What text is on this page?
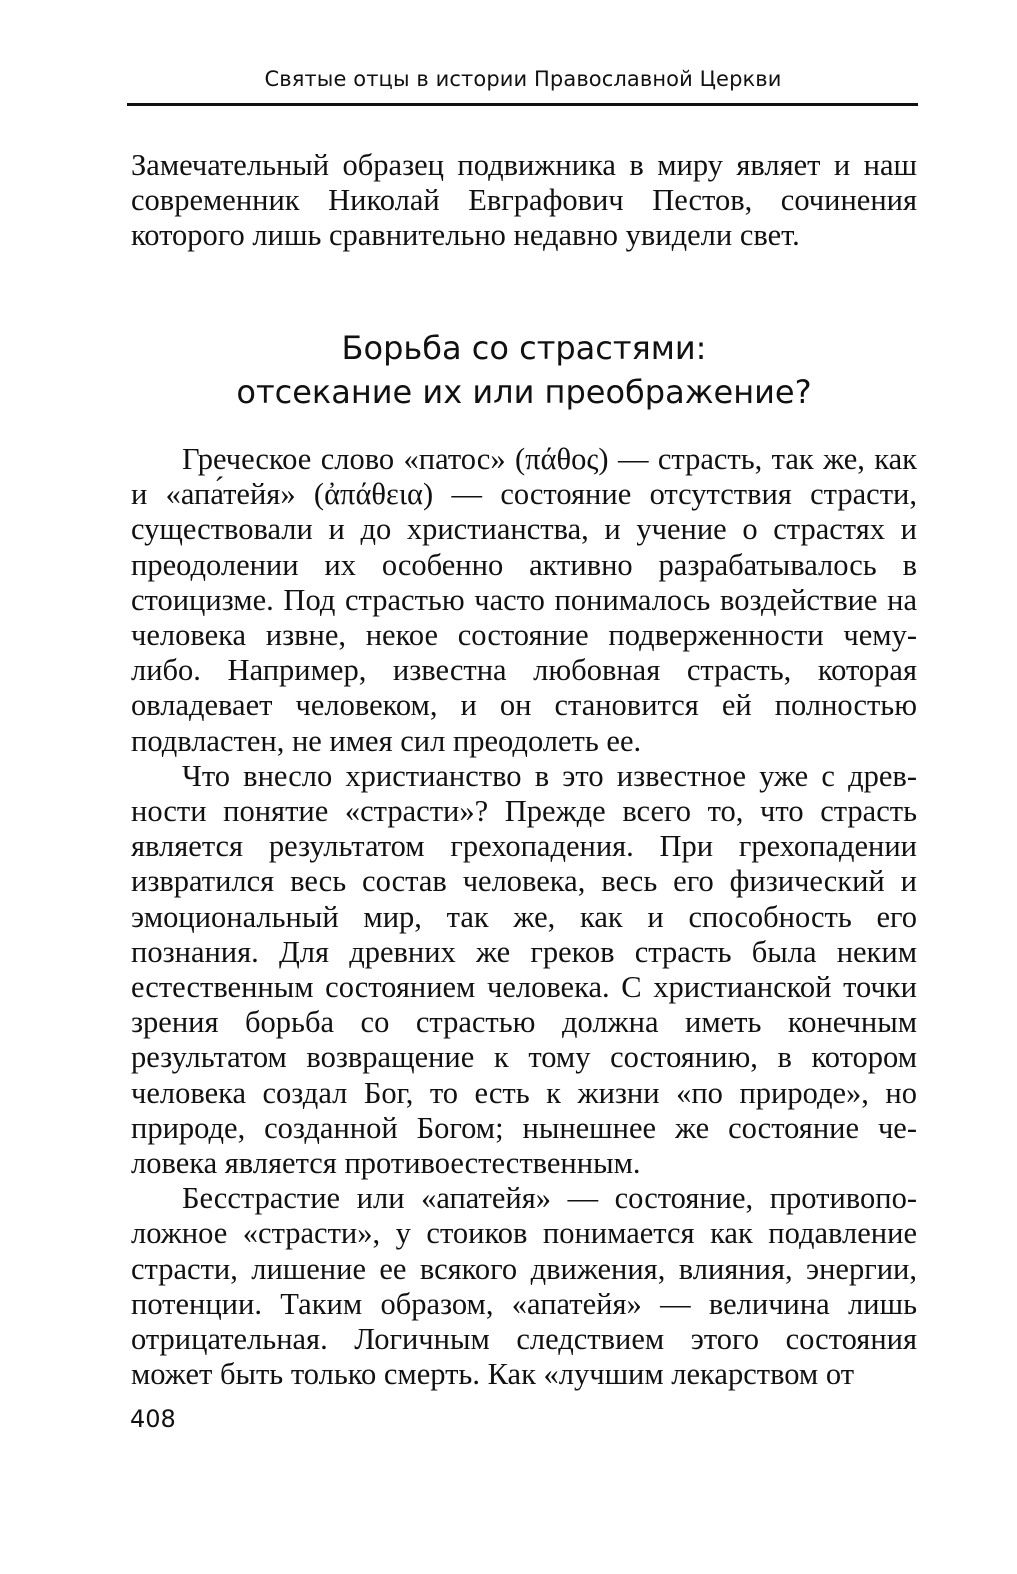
Святые отцы в истории Православной Церкви

Замечательный образец подвижника в миру являет и наш современник Николай Евграфович Пестов, сочинения которого лишь сравнительно недавно увидели свет.

Борьба со страстями:
отсекание их или преображение?

Греческое слово «патос» (πάθος) — страсть, так же, как и «апа́тейя» (ἀπάθεια) — состояние отсутствия страсти, существовали и до христианства, и учение о страстях и преодолении их особенно активно разрабатывалось в стоицизме. Под страстью часто понималось воздействие на человека извне, некое состояние подверженности чему-либо. Например, известна любовная страсть, которая овладевает человеком, и он становится ей полностью подвластен, не имея сил преодолеть ее.

Что внесло христианство в это известное уже с древности понятие «страсти»? Прежде всего то, что страсть является результатом грехопадения. При грехопадении извратился весь состав человека, весь его физический и эмоциональный мир, так же, как и способность его познания. Для древних же греков страсть была неким естественным состоянием человека. С христианской точки зрения борьба со страстью должна иметь конечным результатом возвращение к тому состоянию, в котором человека создал Бог, то есть к жизни «по природе», но природе, созданной Богом; нынешнее же состояние человека является противоестественным.

Бесстрастие или «апатейя» — состояние, противоположное «страсти», у стоиков понимается как подавление страсти, лишение ее всякого движения, влияния, энергии, потенции. Таким образом, «апатейя» — величина лишь отрицательная. Логичным следствием этого состояния может быть только смерть. Как «лучшим лекарством от

408
